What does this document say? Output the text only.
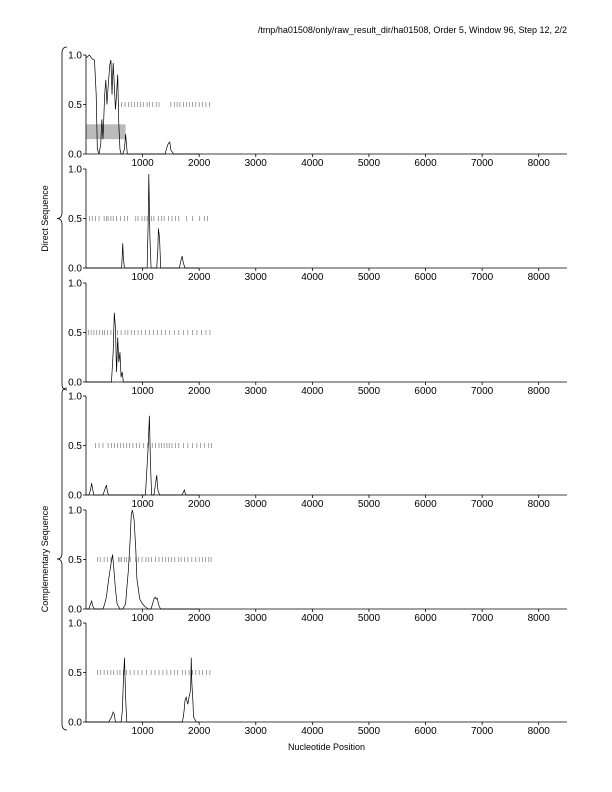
/tmp/ha01508/only/raw_result_dir/ha01508, Order 5, Window 96, Step 12, 2/2
0.0
0.5
1.0
1000	2000	3000	4000	5000	6000	7000	8000
0.0
0.5
1.0
1000	2000	3000	4000	5000	6000	7000	8000
0.0
0.5
1.0
1000	2000	3000	4000	5000	6000	7000	8000
0.0
0.5
1.0
1000	2000	3000	4000	5000	6000	7000	8000
0.0
0.5
1.0
1000	2000	3000	4000	5000	6000	7000	8000
0.0
0.5
1.0
1000	2000	3000	4000	5000	6000	7000	8000
Direct Sequence
Complementary Sequence
Nucleotide Position
